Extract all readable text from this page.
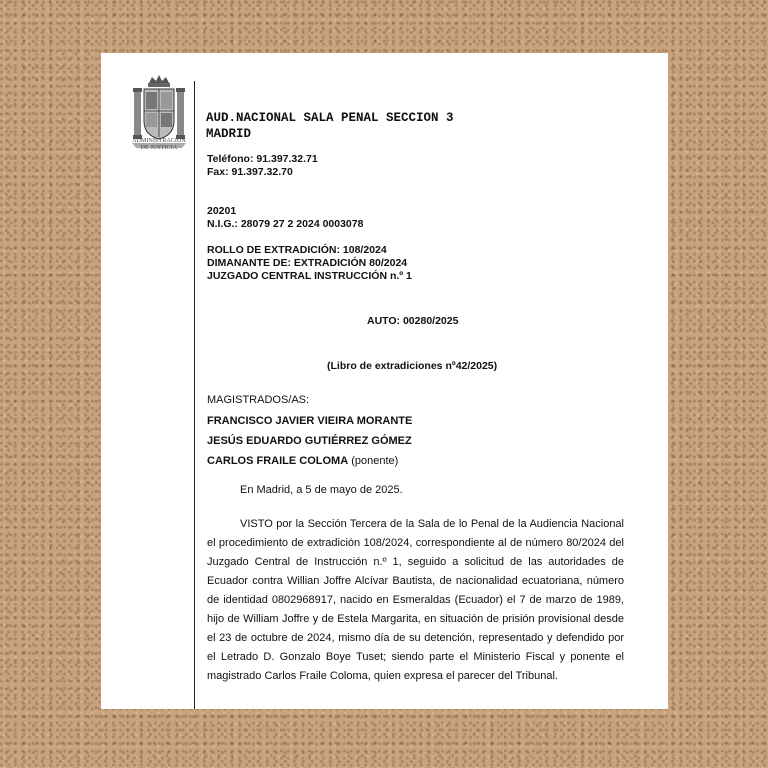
ADMINISTRACION
DE JUSTICIA
AUD.NACIONAL SALA PENAL SECCION 3
MADRID
Teléfono: 91.397.32.71
Fax: 91.397.32.70
20201
N.I.G.: 28079 27 2 2024 0003078
ROLLO DE EXTRADICIÓN: 108/2024
DIMANANTE DE: EXTRADICIÓN 80/2024
JUZGADO CENTRAL INSTRUCCIÓN n.º 1
AUTO: 00280/2025
(Libro de extradiciones nº42/2025)
MAGISTRADOS/AS:
FRANCISCO JAVIER VIEIRA MORANTE
JESÚS EDUARDO GUTIÉRREZ GÓMEZ
CARLOS FRAILE COLOMA (ponente)
En Madrid, a 5 de mayo de 2025.

VISTO por la Sección Tercera de la Sala de lo Penal de la Audiencia Nacional el procedimiento de extradición 108/2024, correspondiente al de número 80/2024 del Juzgado Central de Instrucción n.º 1, seguido a solicitud de las autoridades de Ecuador contra Willian Joffre Alcívar Bautista, de nacionalidad ecuatoriana, número de identidad 0802968917, nacido en Esmeraldas (Ecuador) el 7 de marzo de 1989, hijo de William Joffre y de Estela Margarita, en situación de prisión provisional desde el 23 de octubre de 2024, mismo día de su detención, representado y defendido por el Letrado D. Gonzalo Boye Tuset; siendo parte el Ministerio Fiscal y ponente el magistrado Carlos Fraile Coloma, quien expresa el parecer del Tribunal.
